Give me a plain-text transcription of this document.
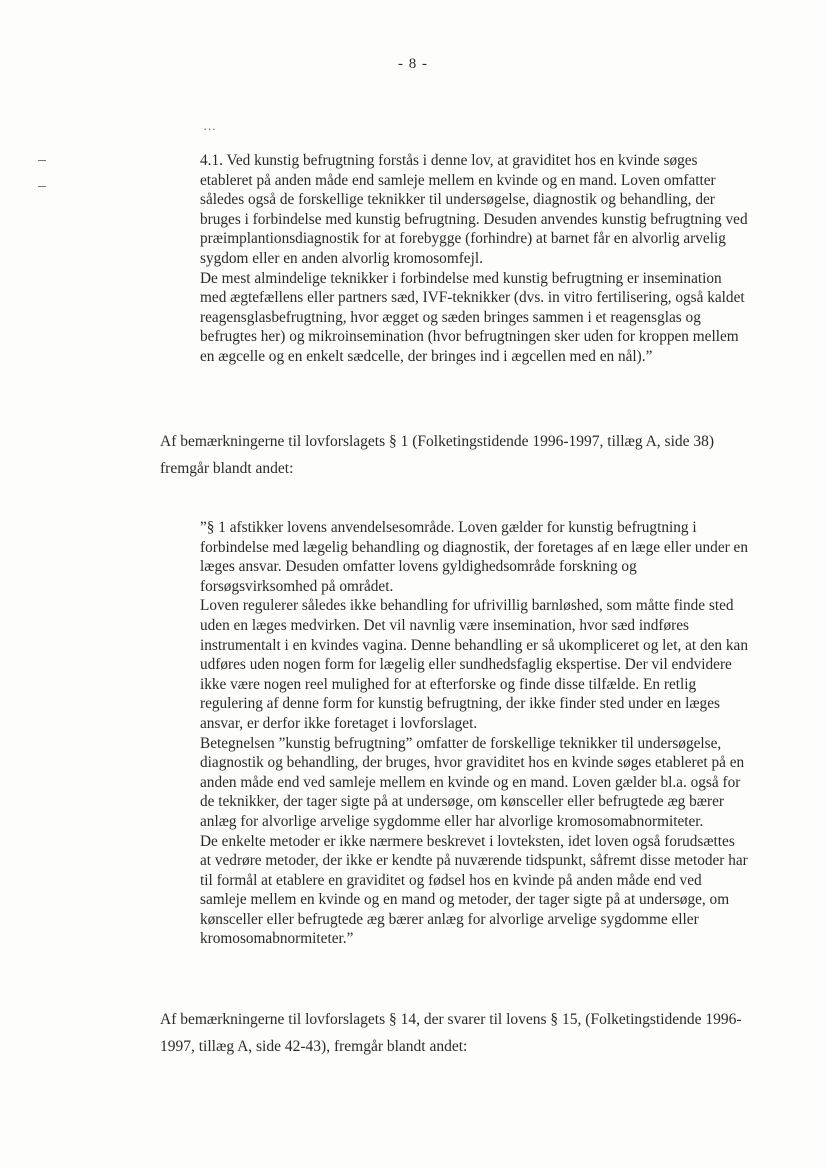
- 8 -
…

4.1. Ved kunstig befrugtning forstås i denne lov, at graviditet hos en kvinde søges etableret på anden måde end samleje mellem en kvinde og en mand. Loven omfatter således også de forskellige teknikker til undersøgelse, diagnostik og behandling, der bruges i forbindelse med kunstig befrugtning. Desuden anvendes kunstig befrugtning ved præimplantionsdiagnostik for at forebygge (forhindre) at barnet får en alvorlig arvelig sygdom eller en anden alvorlig kromosomfejl.

De mest almindelige teknikker i forbindelse med kunstig befrugtning er insemination med ægtefællens eller partners sæd, IVF-teknikker (dvs. in vitro fertilisering, også kaldet reagensglasbefrugtning, hvor ægget og sæden bringes sammen i et reagensglas og befrugtes her) og mikroinsemination (hvor befrugtningen sker uden for kroppen mellem en ægcelle og en enkelt sædcelle, der bringes ind i ægcellen med en nål).”

Af bemærkningerne til lovforslagets § 1 (Folketingstidende 1996-1997, tillæg A, side 38) fremgår blandt andet:

”§ 1 afstikker lovens anvendelsesområde. Loven gælder for kunstig befrugtning i forbindelse med lægelig behandling og diagnostik, der foretages af en læge eller under en læges ansvar. Desuden omfatter lovens gyldighedsområde forskning og forsøgsvirksomhed på området.

Loven regulerer således ikke behandling for ufrivillig barnløshed, som måtte finde sted uden en læges medvirken. Det vil navnlig være insemination, hvor sæd indføres instrumentalt i en kvindes vagina. Denne behandling er så ukompliceret og let, at den kan udføres uden nogen form for lægelig eller sundhedsfaglig ekspertise. Der vil endvidere ikke være nogen reel mulighed for at efterforske og finde disse tilfælde. En retlig regulering af denne form for kunstig befrugtning, der ikke finder sted under en læges ansvar, er derfor ikke foretaget i lovforslaget.

Betegnelsen ”kunstig befrugtning” omfatter de forskellige teknikker til undersøgelse, diagnostik og behandling, der bruges, hvor graviditet hos en kvinde søges etableret på en anden måde end ved samleje mellem en kvinde og en mand. Loven gælder bl.a. også for de teknikker, der tager sigte på at undersøge, om kønsceller eller befrugtede æg bærer anlæg for alvorlige arvelige sygdomme eller har alvorlige kromosomabnormiteter.

De enkelte metoder er ikke nærmere beskrevet i lovteksten, idet loven også forudsættes at vedrøre metoder, der ikke er kendte på nuværende tidspunkt, såfremt disse metoder har til formål at etablere en graviditet og fødsel hos en kvinde på anden måde end ved samleje mellem en kvinde og en mand og metoder, der tager sigte på at undersøge, om kønsceller eller befrugtede æg bærer anlæg for alvorlige arvelige sygdomme eller kromosomabnormiteter.”

Af bemærkningerne til lovforslagets § 14, der svarer til lovens § 15, (Folketingstidende 1996-1997, tillæg A, side 42-43), fremgår blandt andet:
